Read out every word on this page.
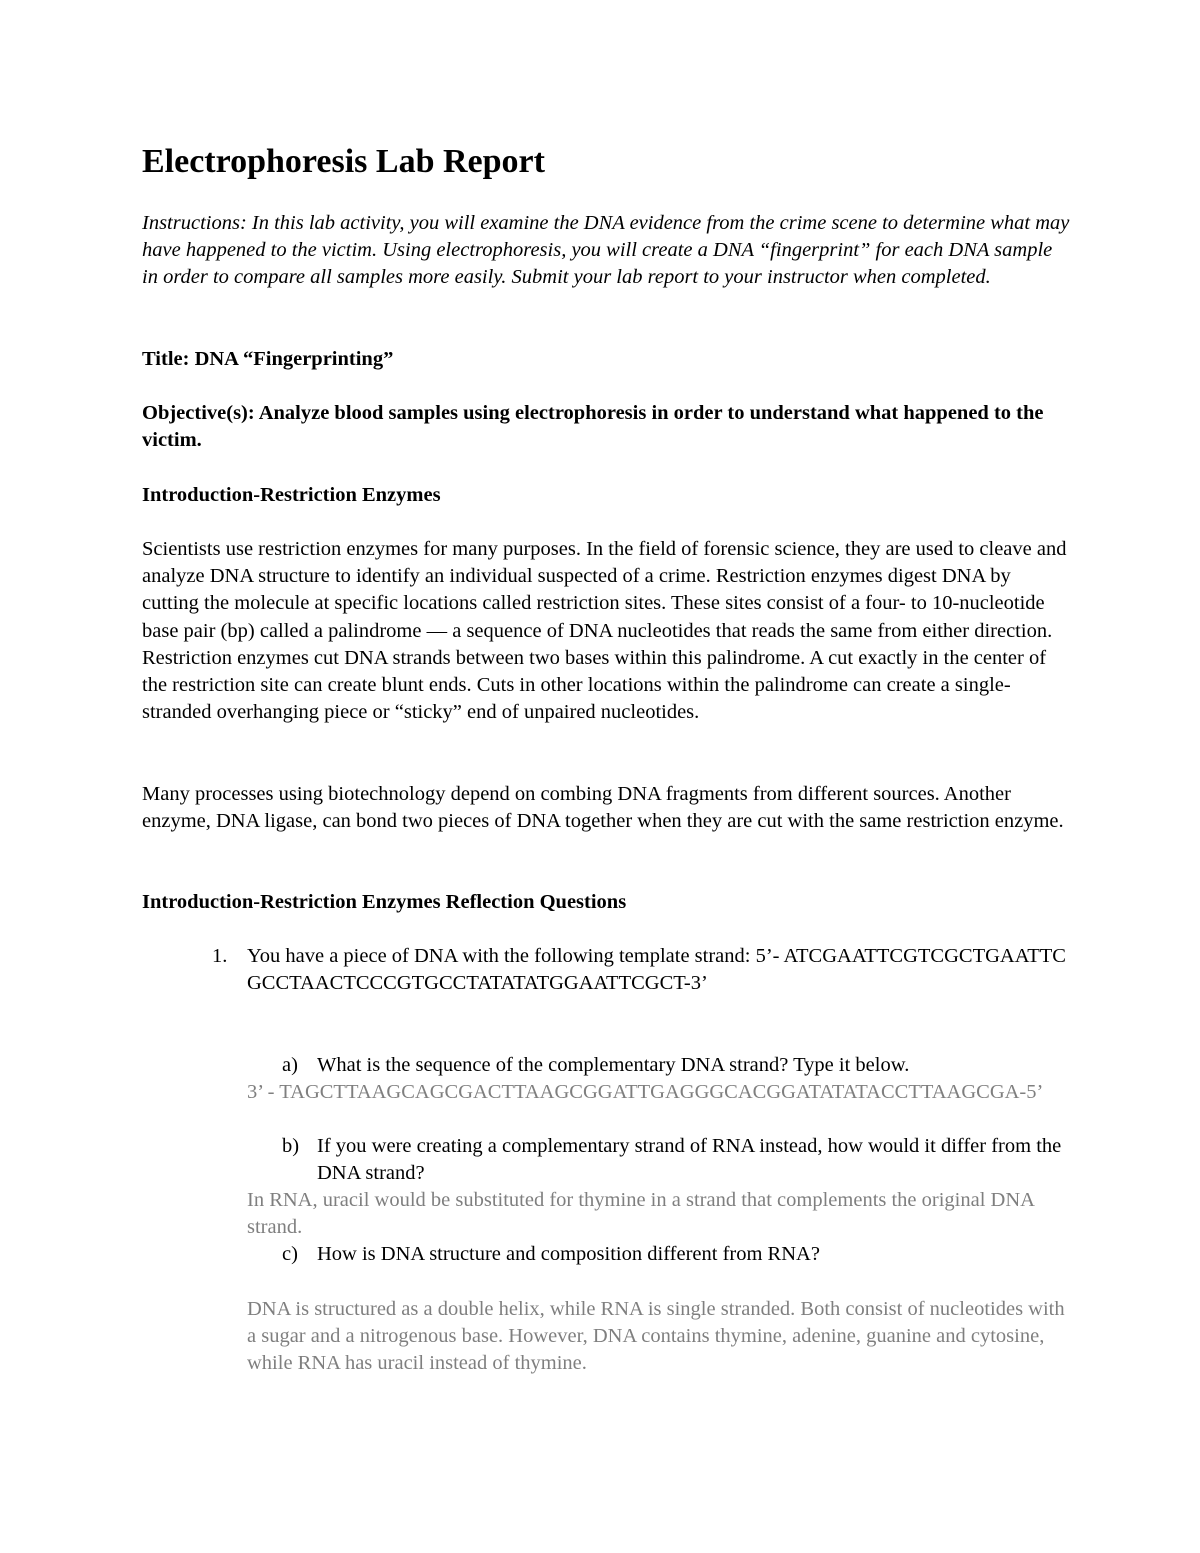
Electrophoresis Lab Report
Instructions: In this lab activity, you will examine the DNA evidence from the crime scene to determine what may have happened to the victim. Using electrophoresis, you will create a DNA “fingerprint” for each DNA sample in order to compare all samples more easily. Submit your lab report to your instructor when completed.
Title: DNA “Fingerprinting”
Objective(s): Analyze blood samples using electrophoresis in order to understand what happened to the victim.
Introduction-Restriction Enzymes
Scientists use restriction enzymes for many purposes. In the field of forensic science, they are used to cleave and analyze DNA structure to identify an individual suspected of a crime. Restriction enzymes digest DNA by cutting the molecule at specific locations called restriction sites. These sites consist of a four- to 10-nucleotide base pair (bp) called a palindrome — a sequence of DNA nucleotides that reads the same from either direction. Restriction enzymes cut DNA strands between two bases within this palindrome. A cut exactly in the center of the restriction site can create blunt ends. Cuts in other locations within the palindrome can create a single-stranded overhanging piece or “sticky” end of unpaired nucleotides.
Many processes using biotechnology depend on combing DNA fragments from different sources. Another enzyme, DNA ligase, can bond two pieces of DNA together when they are cut with the same restriction enzyme.
Introduction-Restriction Enzymes Reflection Questions
1. You have a piece of DNA with the following template strand: 5’- ATCGAATTCGTCGCTGAATTCGCCTAACTCCCGTGCCTATATATGGAATTCGCT-3’
a) What is the sequence of the complementary DNA strand? Type it below.
3’ - TAGCTTAAGCAGCGACTTAAGCGGATTGAGGGCACGGATATATACCTTAAGCGA-5’
b) If you were creating a complementary strand of RNA instead, how would it differ from the DNA strand?
In RNA, uracil would be substituted for thymine in a strand that complements the original DNA strand.
c) How is DNA structure and composition different from RNA?
DNA is structured as a double helix, while RNA is single stranded. Both consist of nucleotides with a sugar and a nitrogenous base. However, DNA contains thymine, adenine, guanine and cytosine, while RNA has uracil instead of thymine.
